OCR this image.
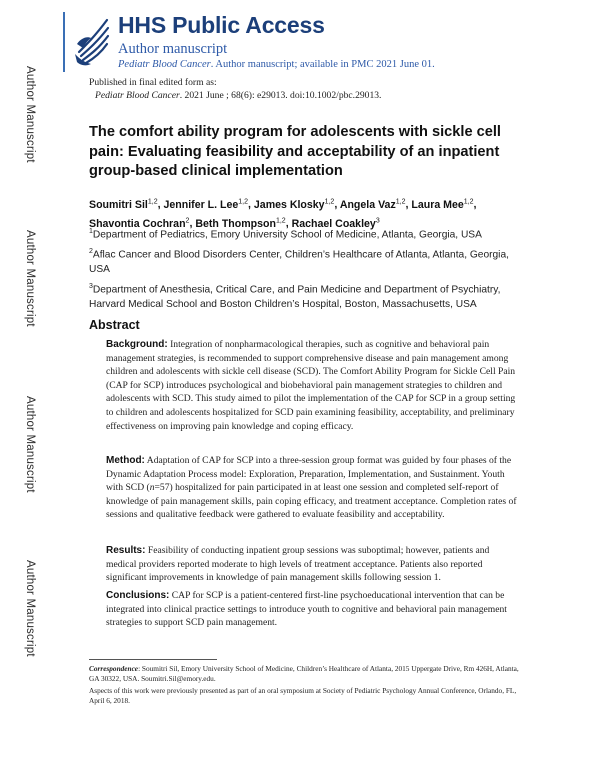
Author Manuscript
Author Manuscript
Author Manuscript
Author Manuscript
HHS Public Access
Author manuscript
Pediatr Blood Cancer. Author manuscript; available in PMC 2021 June 01.
Published in final edited form as:
Pediatr Blood Cancer. 2021 June ; 68(6): e29013. doi:10.1002/pbc.29013.
The comfort ability program for adolescents with sickle cell pain: Evaluating feasibility and acceptability of an inpatient group-based clinical implementation
Soumitri Sil$^{1,2}$, Jennifer L. Lee$^{1,2}$, James Klosky$^{1,2}$, Angela Vaz$^{1,2}$, Laura Mee$^{1,2}$, Shavontia Cochran$^2$, Beth Thompson$^{1,2}$, Rachael Coakley$^3$
$^1$Department of Pediatrics, Emory University School of Medicine, Atlanta, Georgia, USA
$^2$Aflac Cancer and Blood Disorders Center, Children’s Healthcare of Atlanta, Atlanta, Georgia, USA
$^3$Department of Anesthesia, Critical Care, and Pain Medicine and Department of Psychiatry, Harvard Medical School and Boston Children’s Hospital, Boston, Massachusetts, USA
Abstract
Background: Integration of nonpharmacological therapies, such as cognitive and behavioral pain management strategies, is recommended to support comprehensive disease and pain management among children and adolescents with sickle cell disease (SCD). The Comfort Ability Program for Sickle Cell Pain (CAP for SCP) introduces psychological and biobehavioral pain management strategies to children and adolescents with SCD. This study aimed to pilot the implementation of the CAP for SCP in a group setting to children and adolescents hospitalized for SCD pain examining feasibility, acceptability, and preliminary effectiveness on improving pain knowledge and coping efficacy.
Method: Adaptation of CAP for SCP into a three-session group format was guided by four phases of the Dynamic Adaptation Process model: Exploration, Preparation, Implementation, and Sustainment. Youth with SCD (n=57) hospitalized for pain participated in at least one session and completed self-report of knowledge of pain management skills, pain coping efficacy, and treatment acceptance. Completion rates of sessions and qualitative feedback were gathered to evaluate feasibility and acceptability.
Results: Feasibility of conducting inpatient group sessions was suboptimal; however, patients and medical providers reported moderate to high levels of treatment acceptance. Patients also reported significant improvements in knowledge of pain management skills following session 1.
Conclusions: CAP for SCP is a patient-centered first-line psychoeducational intervention that can be integrated into clinical practice settings to introduce youth to cognitive and behavioral pain management strategies to support SCD pain management.
Correspondence: Soumitri Sil, Emory University School of Medicine, Children’s Healthcare of Atlanta, 2015 Uppergate Drive, Rm 426H, Atlanta, GA 30322, USA. Soumitri.Sil@emory.edu.
Aspects of this work were previously presented as part of an oral symposium at Society of Pediatric Psychology Annual Conference, Orlando, FL, April 6, 2018.
